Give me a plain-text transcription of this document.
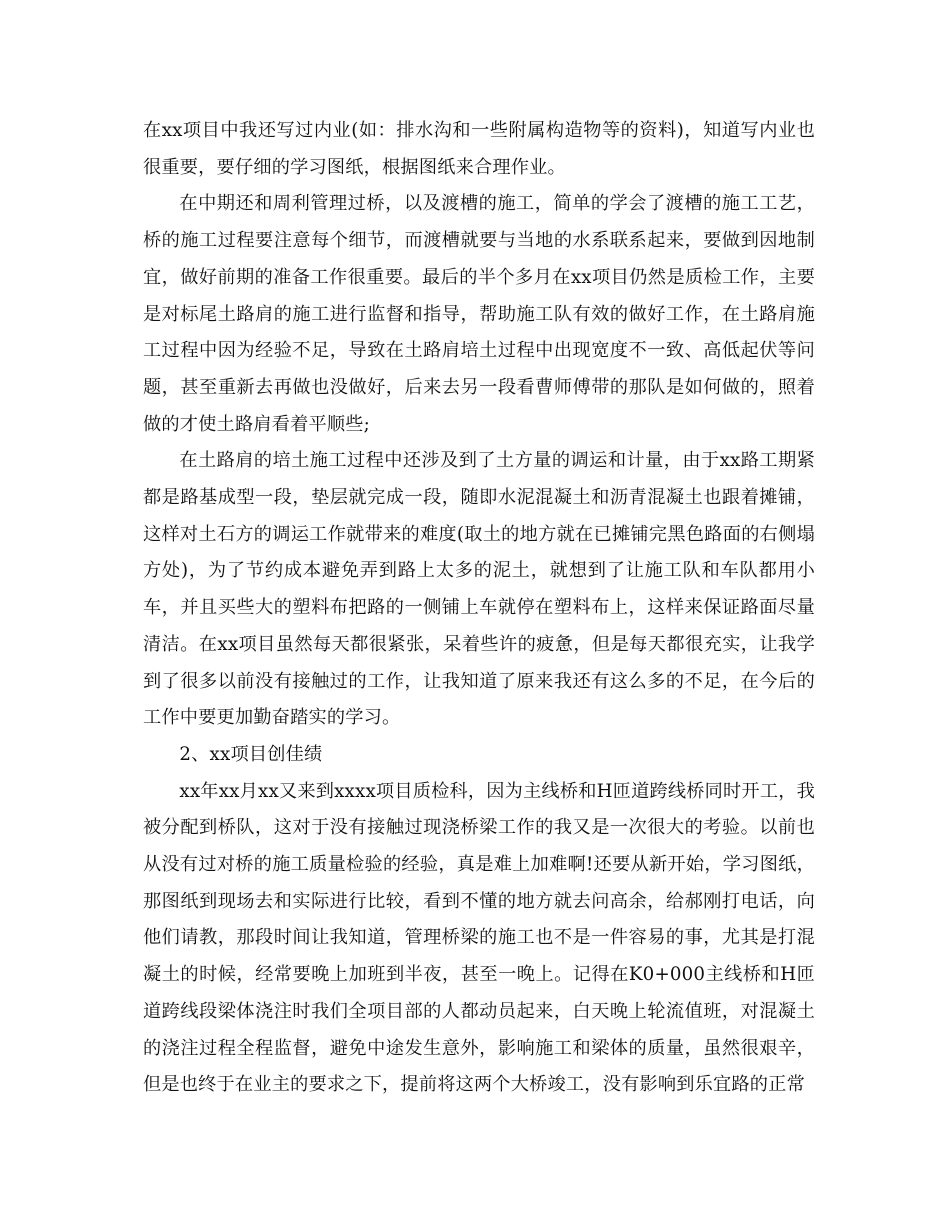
在xx项目中我还写过内业(如：排水沟和一些附属构造物等的资料)，知道写内业也很重要，要仔细的学习图纸，根据图纸来合理作业。

在中期还和周利管理过桥，以及渡槽的施工，简单的学会了渡槽的施工工艺，桥的施工过程要注意每个细节，而渡槽就要与当地的水系联系起来，要做到因地制宜，做好前期的准备工作很重要。最后的半个多月在xx项目仍然是质检工作，主要是对标尾土路肩的施工进行监督和指导，帮助施工队有效的做好工作，在土路肩施工过程中因为经验不足，导致在土路肩培土过程中出现宽度不一致、高低起伏等问题，甚至重新去再做也没做好，后来去另一段看曹师傅带的那队是如何做的，照着做的才使土路肩看着平顺些;

在土路肩的培土施工过程中还涉及到了土方量的调运和计量，由于xx路工期紧都是路基成型一段，垫层就完成一段，随即水泥混凝土和沥青混凝土也跟着摊铺，这样对土石方的调运工作就带来的难度(取土的地方就在已摊铺完黑色路面的右侧塌方处)，为了节约成本避免弄到路上太多的泥土，就想到了让施工队和车队都用小车，并且买些大的塑料布把路的一侧铺上车就停在塑料布上，这样来保证路面尽量清洁。在xx项目虽然每天都很紧张，呆着些许的疲惫，但是每天都很充实，让我学到了很多以前没有接触过的工作，让我知道了原来我还有这么多的不足，在今后的工作中要更加勤奋踏实的学习。

2、xx项目创佳绩

xx年xx月xx又来到xxxx项目质检科，因为主线桥和H匝道跨线桥同时开工，我被分配到桥队，这对于没有接触过现浇桥梁工作的我又是一次很大的考验。以前也从没有过对桥的施工质量检验的经验，真是难上加难啊!还要从新开始，学习图纸，那图纸到现场去和实际进行比较，看到不懂的地方就去问高余，给郝刚打电话，向他们请教，那段时间让我知道，管理桥梁的施工也不是一件容易的事，尤其是打混凝土的时候，经常要晚上加班到半夜，甚至一晚上。记得在K0+000主线桥和H匝道跨线段梁体浇注时我们全项目部的人都动员起来，白天晚上轮流值班，对混凝土的浇注过程全程监督，避免中途发生意外，影响施工和梁体的质量，虽然很艰辛，但是也终于在业主的要求之下，提前将这两个大桥竣工，没有影响到乐宜路的正常
